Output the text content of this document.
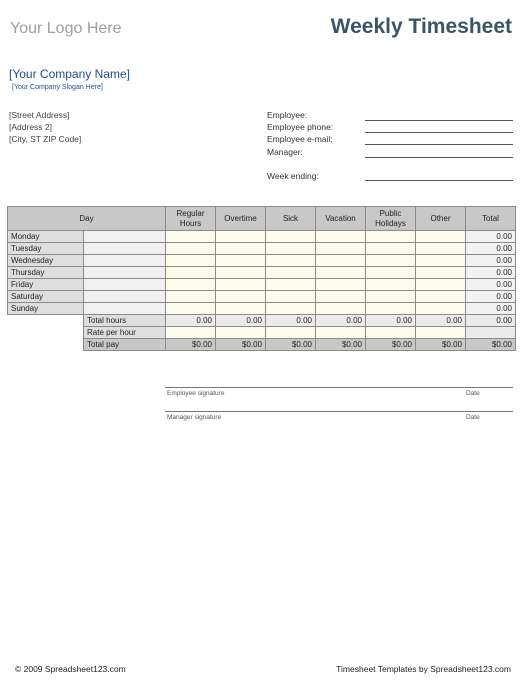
Your Logo Here	Weekly Timesheet
[Your Company Name]
[Your Company Slogan Here]
[Street Address]
[Address 2]
[City, ST ZIP Code]
Employee:
Employee phone:
Employee e-mail:
Manager:
Week ending:
Day		Regular Hours	Overtime	Sick	Vacation	Public Holidays	Other	Total
Monday								0.00
Tuesday								0.00
Wednesday								0.00
Thursday								0.00
Friday								0.00
Saturday								0.00
Sunday								0.00
	Total hours	0.00	0.00	0.00	0.00	0.00	0.00	0.00
	Rate per hour							
	Total pay	$0.00	$0.00	$0.00	$0.00	$0.00	$0.00	$0.00
Employee signature	Date
Manager signature	Date
© 2009 Spreadsheet123.com	Timesheet Templates by Spreadsheet123.com
